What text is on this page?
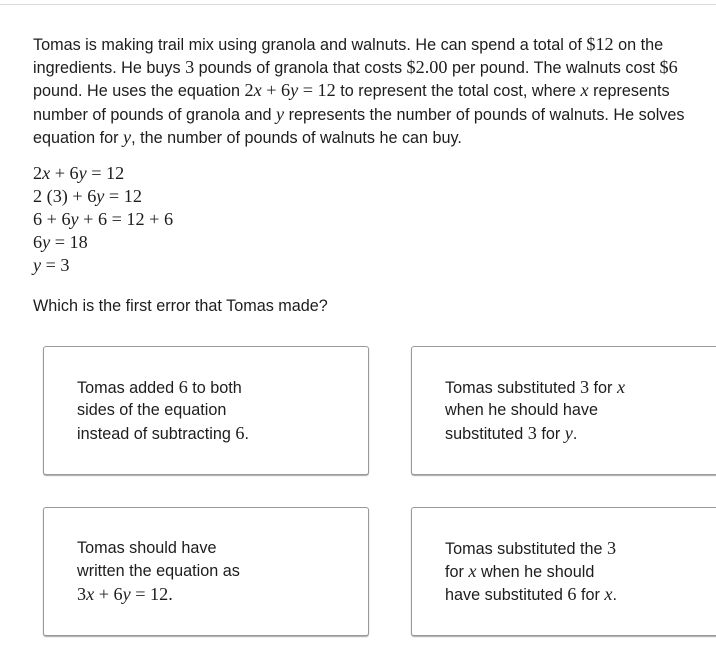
Tomas is making trail mix using granola and walnuts. He can spend a total of $12 on the
ingredients. He buys 3 pounds of granola that costs $2.00 per pound. The walnuts cost $6
pound. He uses the equation 2x + 6y = 12 to represent the total cost, where x represents
number of pounds of granola and y represents the number of pounds of walnuts. He solves
equation for y, the number of pounds of walnuts he can buy.
2x + 6y = 12
2 (3) + 6y = 12
6 + 6y + 6 = 12 + 6
6y = 18
y = 3
Which is the first error that Tomas made?
Tomas added 6 to both
sides of the equation
instead of subtracting 6.
Tomas substituted 3 for x
when he should have
substituted 3 for y.
Tomas should have
written the equation as
3x + 6y = 12.
Tomas substituted the 3
for x when he should
have substituted 6 for x.
